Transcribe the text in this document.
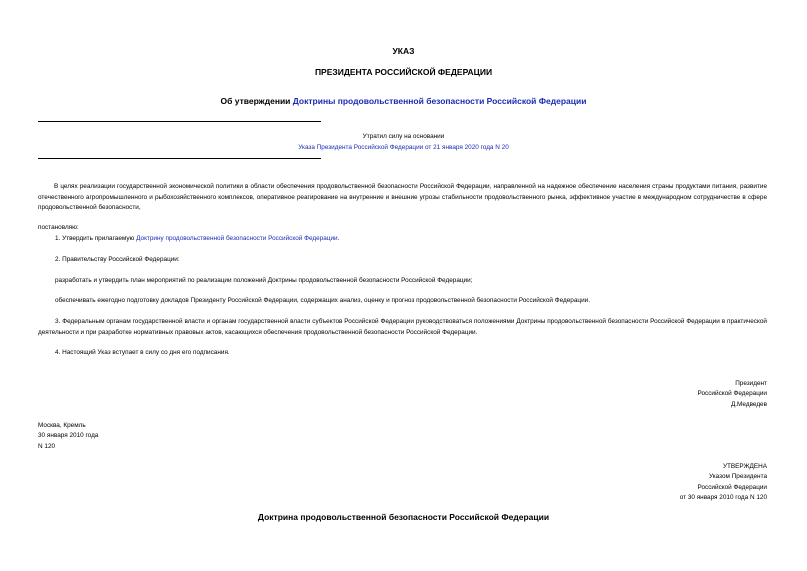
УКАЗ
ПРЕЗИДЕНТА РОССИЙСКОЙ ФЕДЕРАЦИИ
Об утверждении Доктрины продовольственной безопасности Российской Федерации
Утратил силу на основании
Указа Президента Российской Федерации от 21 января 2020 года N 20
В целях реализации государственной экономической политики в области обеспечения продовольственной безопасности Российской Федерации, направленной на надежное обеспечение населения страны продуктами питания, развитие отечественного агропромышленного и рыбохозяйственного комплексов, оперативное реагирование на внутренние и внешние угрозы стабильности продовольственного рынка, эффективное участие в международном сотрудничестве в сфере продовольственной безопасности,
постановляю:
1. Утвердить прилагаемую Доктрину продовольственной безопасности Российской Федерации.
2. Правительству Российской Федерации:
разработать и утвердить план мероприятий по реализации положений Доктрины продовольственной безопасности Российской Федерации;
обеспечивать ежегодно подготовку докладов Президенту Российской Федерации, содержащих анализ, оценку и прогноз продовольственной безопасности Российской Федерации.
3. Федеральным органам государственной власти и органам государственной власти субъектов Российской Федерации руководствоваться положениями Доктрины продовольственной безопасности Российской Федерации в практической деятельности и при разработке нормативных правовых актов, касающихся обеспечения продовольственной безопасности Российской Федерации.
4. Настоящий Указ вступает в силу со дня его подписания.
Президент
Российской Федерации
Д.Медведев
Москва, Кремль
30 января 2010 года
N 120
УТВЕРЖДЕНА
Указом Президента
Российской Федерации
от 30 января 2010 года N 120
Доктрина продовольственной безопасности Российской Федерации
